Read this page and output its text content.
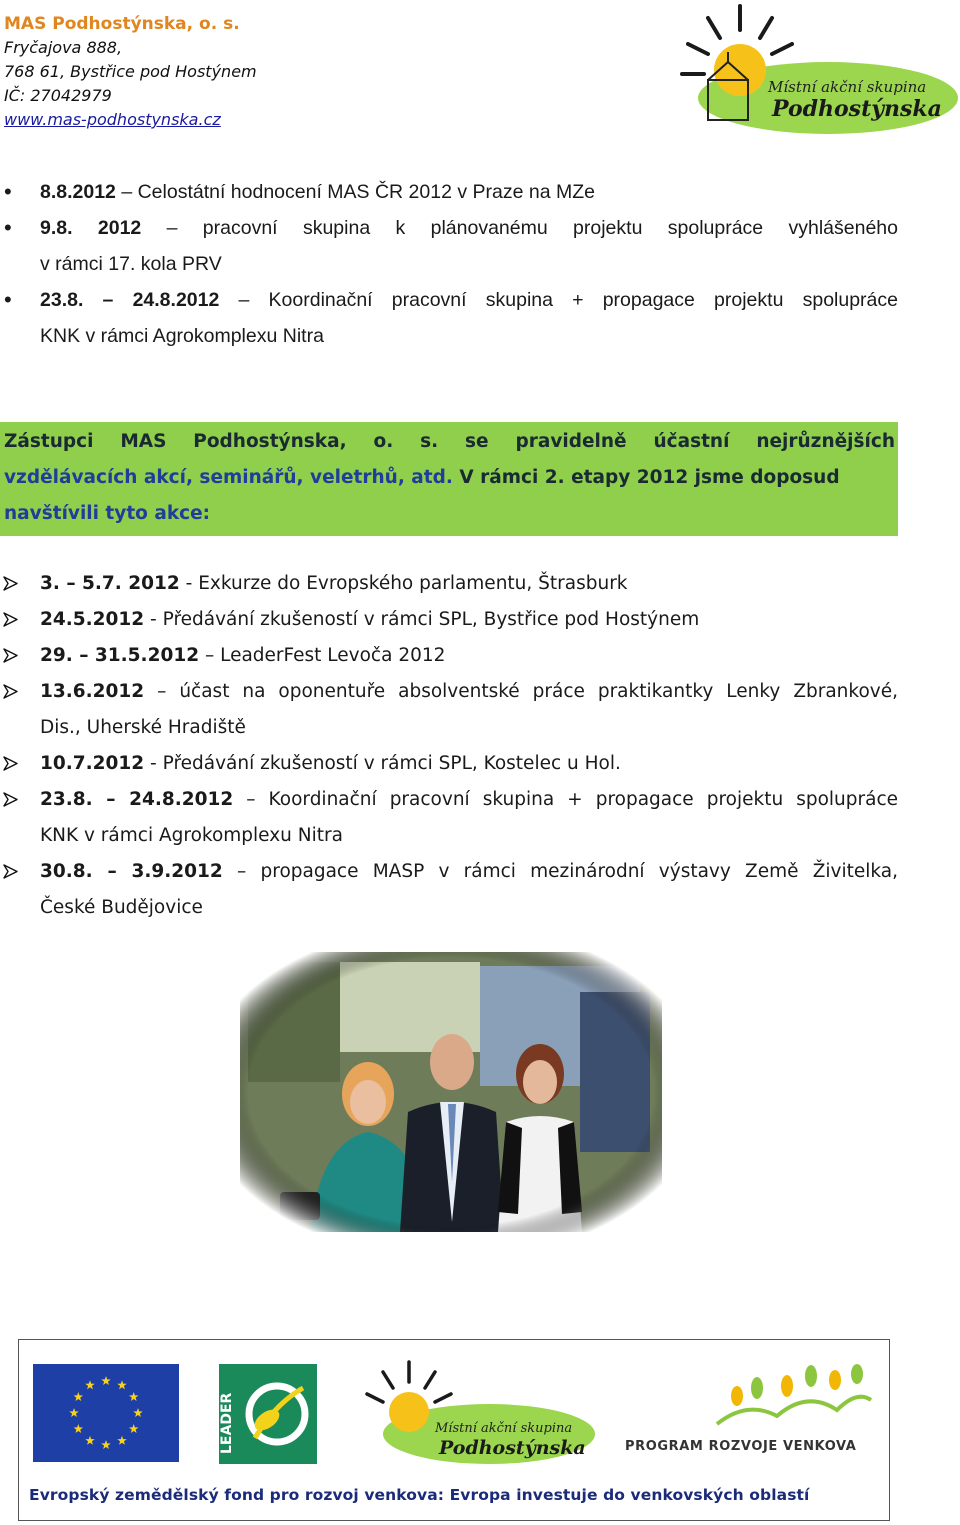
MAS Podhostýnska, o. s.
Fryčajova 888,
768 61, Bystřice pod Hostýnem
IČ: 27042979
www.mas-podhostynska.cz
Místní akční skupina
Podhostýnska
• 8.8.2012 – Celostátní hodnocení MAS ČR 2012 v Praze na MZe
• 9.8. 2012 – pracovní skupina k plánovanému projektu spolupráce vyhlášeného
v rámci 17. kola PRV
• 23.8. – 24.8.2012 – Koordinační pracovní skupina + propagace projektu spolupráce
KNK v rámci Agrokomplexu Nitra
Zástupci MAS Podhostýnska, o. s. se pravidelně účastní nejrůznějších
vzdělávacích akcí, seminářů, veletrhů, atd. V rámci 2. etapy 2012 jsme doposud
navštívili tyto akce:
3. – 5.7. 2012 - Exkurze do Evropského parlamentu, Štrasburk
24.5.2012 - Předávání zkušeností v rámci SPL, Bystřice pod Hostýnem
29. – 31.5.2012 – LeaderFest Levoča 2012
13.6.2012 – účast na oponentuře absolventské práce praktikantky Lenky Zbrankové,
Dis., Uherské Hradiště
10.7.2012 - Předávání zkušeností v rámci SPL, Kostelec u Hol.
23.8. – 24.8.2012 – Koordinační pracovní skupina + propagace projektu spolupráce
KNK v rámci Agrokomplexu Nitra
30.8. – 3.9.2012 – propagace MASP v rámci mezinárodní výstavy Země Živitelka,
České Budějovice
LEADER	Místní akční skupina
Podhostýnska	PROGRAM ROZVOJE VENKOVA
Evropský zemědělský fond pro rozvoj venkova: Evropa investuje do venkovských oblastí
